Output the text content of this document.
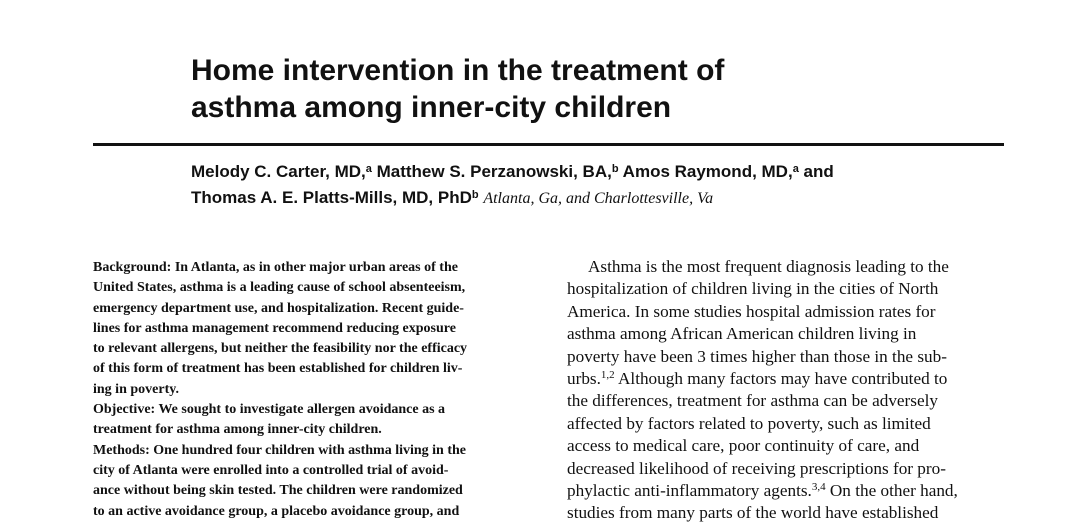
Home intervention in the treatment of
asthma among inner-city children
Melody C. Carter, MD,$^a$ Matthew S. Perzanowski, BA,$^b$ Amos Raymond, MD,$^a$ and
Thomas A. E. Platts-Mills, MD, PhD$^b$ Atlanta, Ga, and Charlottesville, Va
Background: In Atlanta, as in other major urban areas of the
United States, asthma is a leading cause of school absenteeism,
emergency department use, and hospitalization. Recent guide-
lines for asthma management recommend reducing exposure
to relevant allergens, but neither the feasibility nor the efficacy
of this form of treatment has been established for children liv-
ing in poverty.
Objective: We sought to investigate allergen avoidance as a
treatment for asthma among inner-city children.
Methods: One hundred four children with asthma living in the
city of Atlanta were enrolled into a controlled trial of avoid-
ance without being skin tested. The children were randomized
to an active avoidance group, a placebo avoidance group, and
Asthma is the most frequent diagnosis leading to the
hospitalization of children living in the cities of North
America. In some studies hospital admission rates for
asthma among African American children living in
poverty have been 3 times higher than those in the sub-
urbs.$^{1,2}$ Although many factors may have contributed to
the differences, treatment for asthma can be adversely
affected by factors related to poverty, such as limited
access to medical care, poor continuity of care, and
decreased likelihood of receiving prescriptions for pro-
phylactic anti-inflammatory agents.$^{3,4}$ On the other hand,
studies from many parts of the world have established
